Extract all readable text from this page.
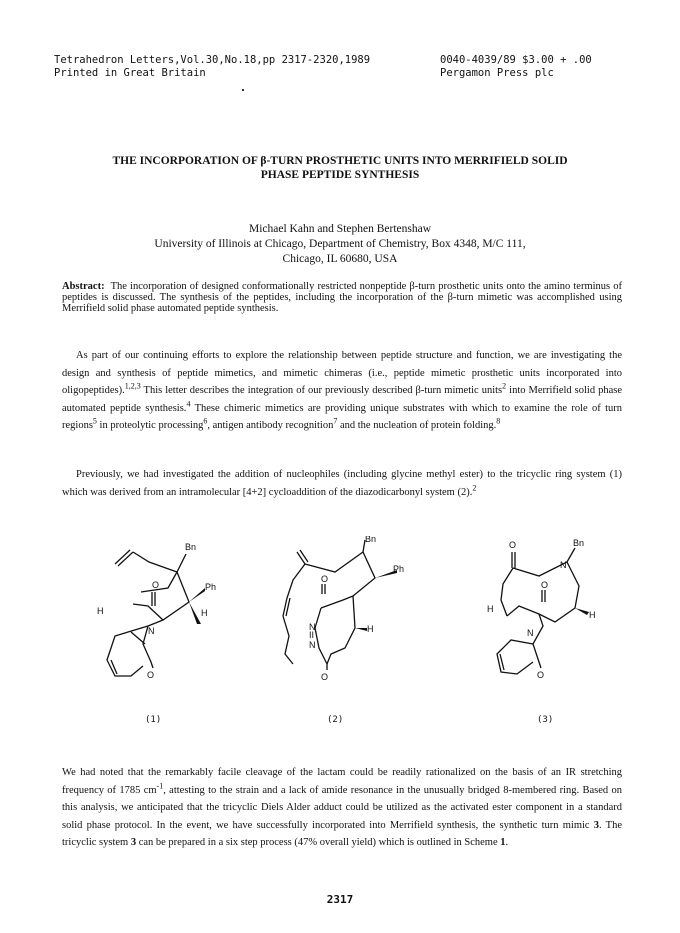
Tetrahedron Letters,Vol.30,No.18,pp 2317-2320,1989
Printed in Great Britain
0040-4039/89 $3.00 + .00
Pergamon Press plc
THE INCORPORATION OF β-TURN PROSTHETIC UNITS INTO MERRIFIELD SOLID
PHASE PEPTIDE SYNTHESIS
Michael Kahn and Stephen Bertenshaw
University of Illinois at Chicago, Department of Chemistry, Box 4348, M/C 111,
Chicago, IL 60680, USA
Abstract: The incorporation of designed conformationally restricted nonpeptide β-turn prosthetic units onto the amino terminus of peptides is discussed. The synthesis of the peptides, including the incorporation of the β-turn mimetic was accomplished using Merrifield solid phase automated peptide synthesis.
As part of our continuing efforts to explore the relationship between peptide structure and function, we are investigating the design and synthesis of peptide mimetics, and mimetic chimeras (i.e., peptide mimetic prosthetic units incorporated into oligopeptides).$^{1,2,3}$ This letter describes the integration of our previously described β-turn mimetic units$^2$ into Merrifield solid phase automated peptide synthesis.$^4$ These chimeric mimetics are providing unique substrates with which to examine the role of turn regions$^5$ in proteolytic processing$^6$, antigen antibody recognition$^7$ and the nucleation of protein folding.$^8$
Previously, we had investigated the addition of nucleophiles (including glycine methyl ester) to the tricyclic ring system (1) which was derived from an intramolecular [4+2] cycloaddition of the diazodicarbonyl system (2).$^2$
Bn
Ph
O
N
H
H
O
Bn
Ph
O
N
II
N
H
O
Bn
O
N
O
H
H
N
O
(1)	(2)	(3)
We had noted that the remarkably facile cleavage of the lactam could be readily rationalized on the basis of an IR stretching frequency of 1785 $cm^{-1}$, attesting to the strain and a lack of amide resonance in the unusually bridged 8-membered ring. Based on this analysis, we anticipated that the tricyclic Diels Alder adduct could be utilized as the activated ester component in a standard solid phase protocol. In the event, we have successfully incorporated into Merrifield synthesis, the synthetic turn mimic 3. The tricyclic system 3 can be prepared in a six step process (47% overall yield) which is outlined in Scheme 1.
2317
